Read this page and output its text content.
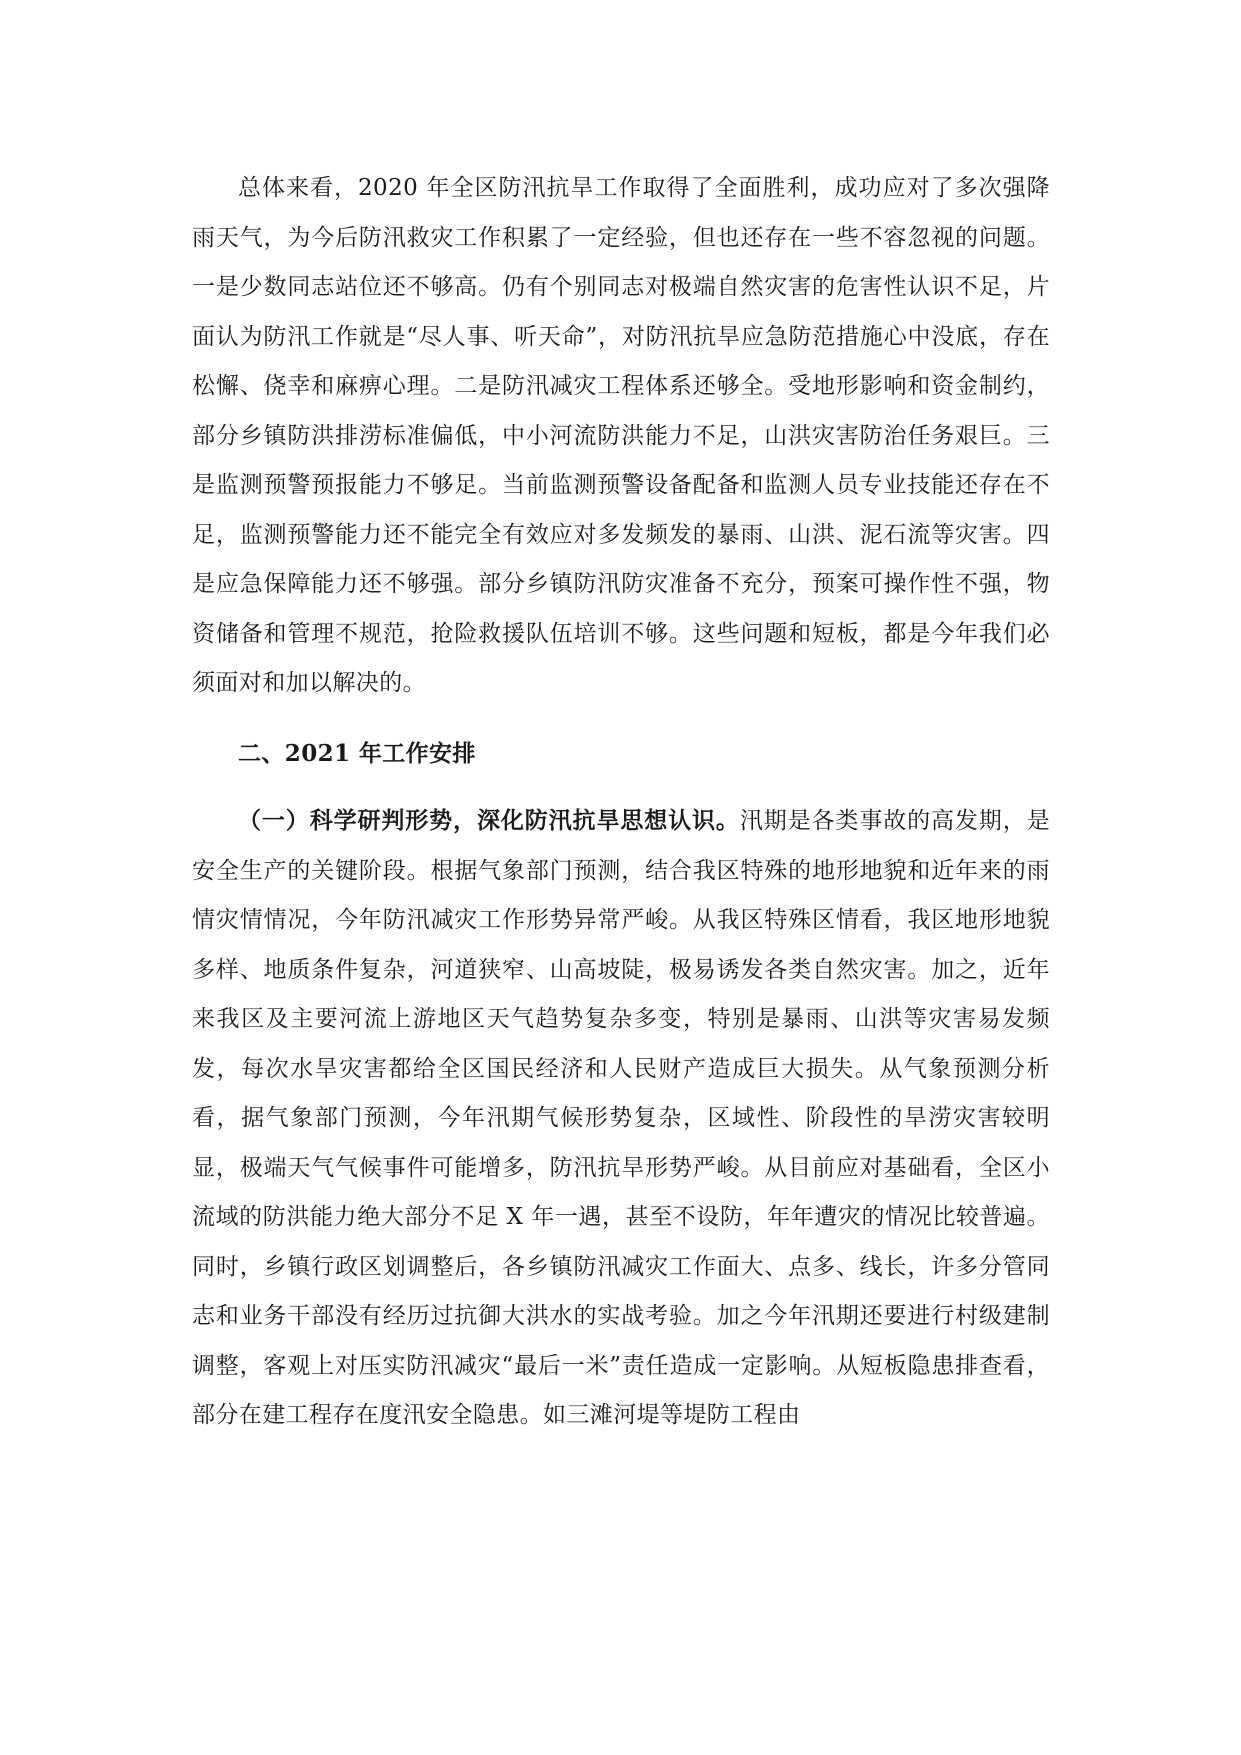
总体来看，2020 年全区防汛抗旱工作取得了全面胜利，成功应对了多次强降雨天气，为今后防汛救灾工作积累了一定经验，但也还存在一些不容忽视的问题。一是少数同志站位还不够高。仍有个别同志对极端自然灾害的危害性认识不足，片面认为防汛工作就是“尽人事、听天命”，对防汛抗旱应急防范措施心中没底，存在松懈、侥幸和麻痹心理。二是防汛减灾工程体系还够全。受地形影响和资金制约，部分乡镇防洪排涝标准偏低，中小河流防洪能力不足，山洪灾害防治任务艰巨。三是监测预警预报能力不够足。当前监测预警设备配备和监测人员专业技能还存在不足，监测预警能力还不能完全有效应对多发频发的暴雨、山洪、泥石流等灾害。四是应急保障能力还不够强。部分乡镇防汛防灾准备不充分，预案可操作性不强，物资储备和管理不规范，抢险救援队伍培训不够。这些问题和短板，都是今年我们必须面对和加以解决的。

二、2021 年工作安排

（一）科学研判形势，深化防汛抗旱思想认识。汛期是各类事故的高发期，是安全生产的关键阶段。根据气象部门预测，结合我区特殊的地形地貌和近年来的雨情灾情情况，今年防汛减灾工作形势异常严峻。从我区特殊区情看，我区地形地貌多样、地质条件复杂，河道狭窄、山高坡陡，极易诱发各类自然灾害。加之，近年来我区及主要河流上游地区天气趋势复杂多变，特别是暴雨、山洪等灾害易发频发，每次水旱灾害都给全区国民经济和人民财产造成巨大损失。从气象预测分析看，据气象部门预测，今年汛期气候形势复杂，区域性、阶段性的旱涝灾害较明显，极端天气气候事件可能增多，防汛抗旱形势严峻。从目前应对基础看，全区小流域的防洪能力绝大部分不足 X 年一遇，甚至不设防，年年遭灾的情况比较普遍。同时，乡镇行政区划调整后，各乡镇防汛减灾工作面大、点多、线长，许多分管同志和业务干部没有经历过抗御大洪水的实战考验。加之今年汛期还要进行村级建制调整，客观上对压实防汛减灾“最后一米”责任造成一定影响。从短板隐患排查看，部分在建工程存在度汛安全隐患。如三滩河堤等堤防工程由
